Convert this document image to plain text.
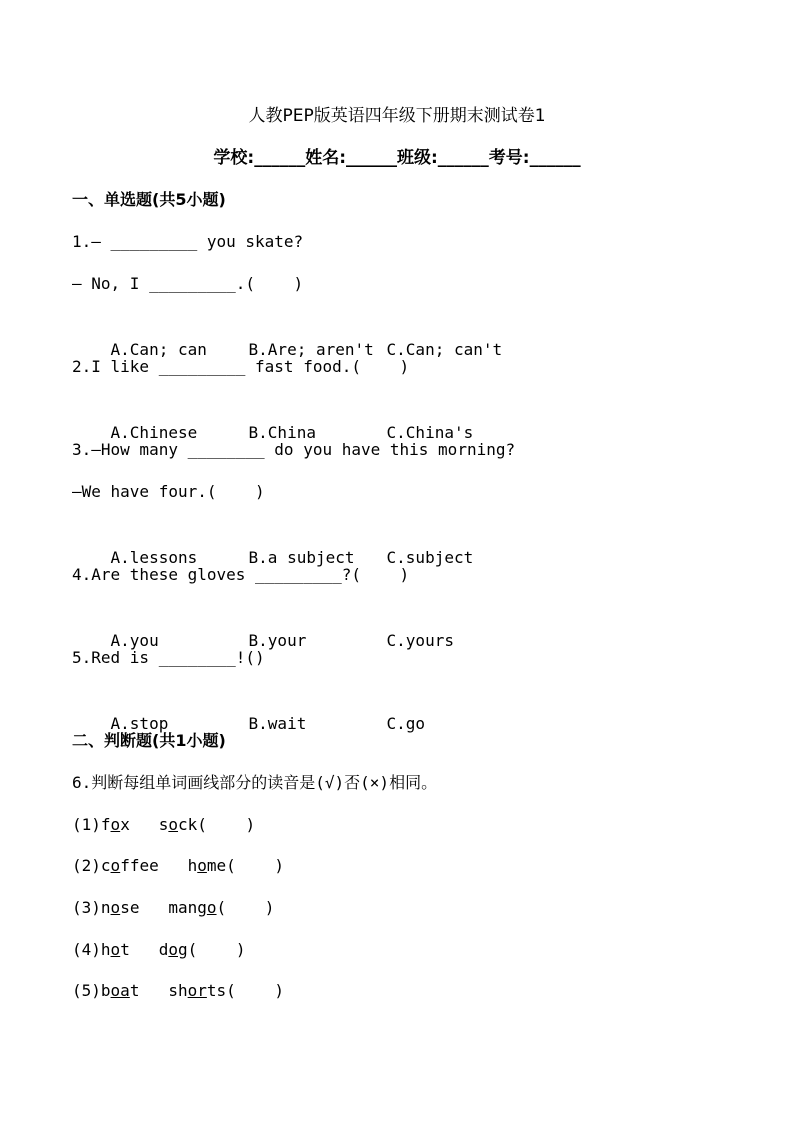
人教PEP版英语四年级下册期末测试卷1
学校:______姓名:______班级:______考号:______
一、单选题(共5小题)
1.— _________ you skate?
— No, I _________.(    )

A.Can; can	B.Are; aren't C.Can; can't

2.I like _________ fast food.(    )

A.Chinese	B.China	C.China's

3.—How many ________ do you have this morning?
—We have four.(    )

A.lessons	B.a subject C.subject

4.Are these gloves _________?(    )

A.you	B.your	C.yours

5.Red is ________!()

A.stop	B.wait	C.go

二、判断题(共1小题)
6.判断每组单词画线部分的读音是(√)否(×)相同。
(1)fox sock(    )
(2)coffee home(    )
(3)nose mango(    )
(4)hot dog(    )
(5)boat shorts(    )
